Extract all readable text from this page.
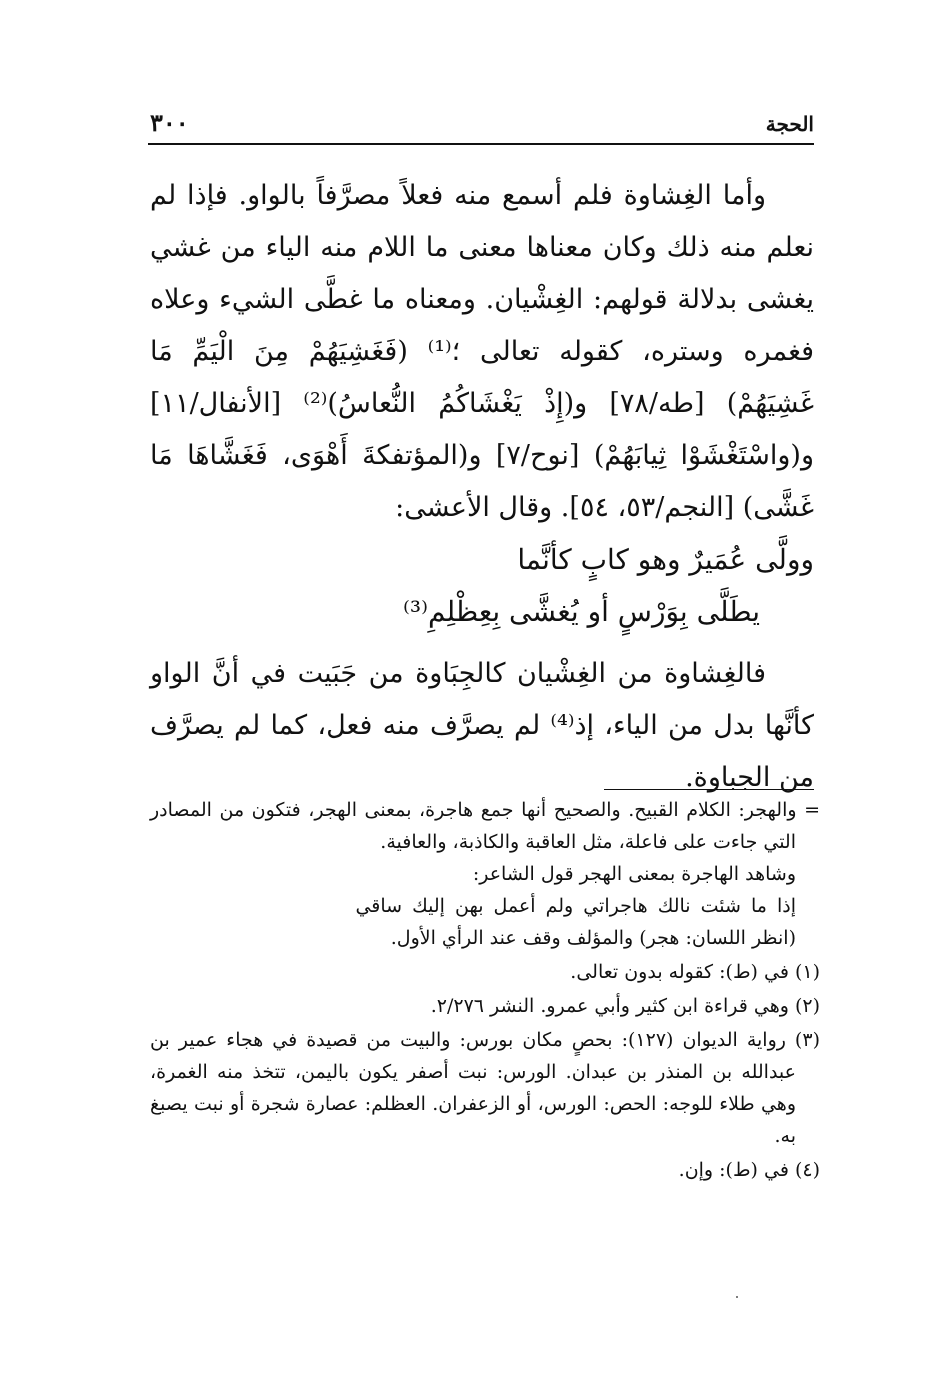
٣٠٠	الحجة

وأما الغِشاوة فلم أسمع منه فعلاً مصرَّفاً بالواو. فإذا لم نعلم منه ذلك وكان معناها معنى ما اللام منه الياء من غشي يغشى بدلالة قولهم: الغِشْيان. ومعناه ما غطَّى الشيء وعلاه فغمره وستره، كقوله تعالى ؛⁽¹⁾ (فَغَشِيَهُمْ مِنَ الْيَمِّ مَا غَشِيَهُمْ) [طه/٧٨] و(إِذْ يَغْشَاكُمُ النُّعاسُ)⁽²⁾ [الأنفال/١١] و(واسْتَغْشَوْا ثِيابَهُمْ) [نوح/٧] و(المؤتفكةَ أَهْوَى، فَغَشَّاهَا مَا غَشَّى) [النجم/٥٣، ٥٤]. وقال الأعشى:

وولَّى عُمَيرٌ وهو كابٍ كأنَّما

يطَلَّى بِوَرْسٍ أو يُغشَّى بِعِظْلِمِ⁽³⁾

فالغِشاوة من الغِشْيان كالجِبَاوة من جَبَيت في أنَّ الواو كأنَّها بدل من الياء، إذ⁽⁴⁾ لم يصرَّف منه فعل، كما لم يصرَّف من الجباوة.

= والهجر: الكلام القبيح. والصحيح أنها جمع هاجرة، بمعنى الهجر، فتكون من المصادر التي جاءت على فاعلة، مثل العاقبة والكاذبة، والعافية.

وشاهد الهاجرة بمعنى الهجر قول الشاعر:

إذا ما شئت نالك هاجراتي ولم أعمل بهن إليك ساقي

(انظر اللسان: هجر) والمؤلف وقف عند الرأي الأول.

(١) في (ط): كقوله بدون تعالى.

(٢) وهي قراءة ابن كثير وأبي عمرو. النشر ٢/٢٧٦.

(٣) رواية الديوان (١٢٧): بحصٍ مكان بورس: والبيت من قصيدة في هجاء عمير بن عبدالله بن المنذر بن عبدان. الورس: نبت أصفر يكون باليمن، تتخذ منه الغمرة، وهي طلاء للوجه: الحص: الورس، أو الزعفران. العظلم: عصارة شجرة أو نبت يصبغ به.

(٤) في (ط): وإن.
